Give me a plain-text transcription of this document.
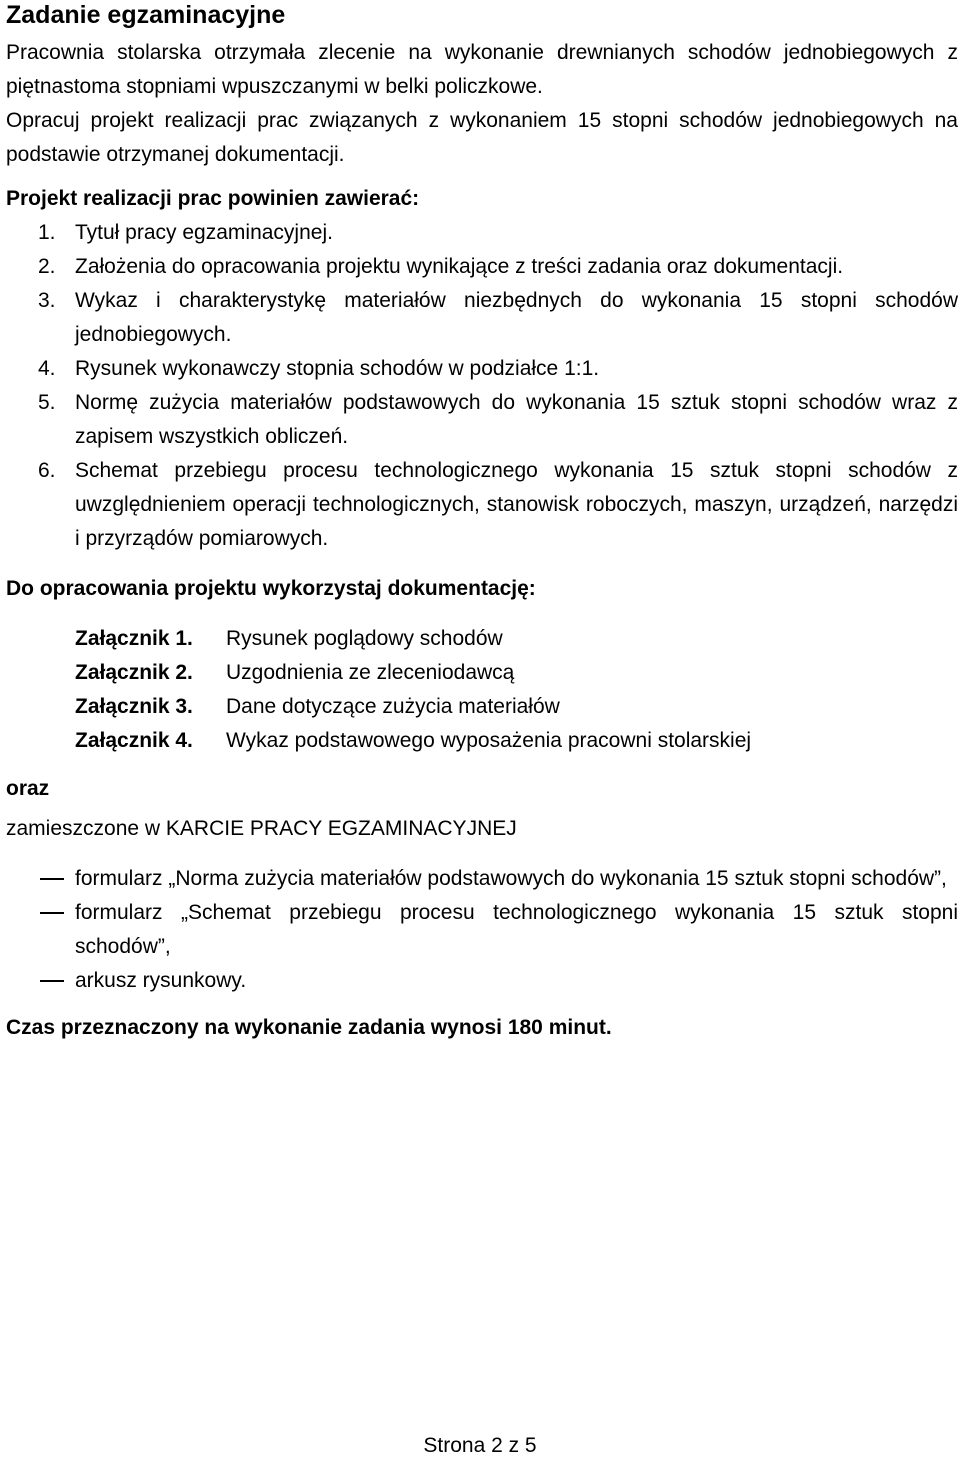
Zadanie egzaminacyjne

Pracownia stolarska otrzymała zlecenie na wykonanie drewnianych schodów jednobiegowych z piętnastoma stopniami wpuszczanymi w belki policzkowe.

Opracuj projekt realizacji prac związanych z wykonaniem 15 stopni schodów jednobiegowych na podstawie otrzymanej dokumentacji.

Projekt realizacji prac powinien zawierać:

1. Tytuł pracy egzaminacyjnej.
2. Założenia do opracowania projektu wynikające z treści zadania oraz dokumentacji.
3. Wykaz i charakterystykę materiałów niezbędnych do wykonania 15 stopni schodów jednobiegowych.
4. Rysunek wykonawczy stopnia schodów w podziałce 1:1.
5. Normę zużycia materiałów podstawowych do wykonania 15 sztuk stopni schodów wraz z zapisem wszystkich obliczeń.
6. Schemat przebiegu procesu technologicznego wykonania 15 sztuk stopni schodów z uwzględnieniem operacji technologicznych, stanowisk roboczych, maszyn, urządzeń, narzędzi i przyrządów pomiarowych.

Do opracowania projektu wykorzystaj dokumentację:

Załącznik 1.	Rysunek poglądowy schodów
Załącznik 2.	Uzgodnienia ze zleceniodawcą
Załącznik 3.	Dane dotyczące zużycia materiałów
Załącznik 4.	Wykaz podstawowego wyposażenia pracowni stolarskiej
oraz
zamieszczone w KARCIE PRACY EGZAMINACYJNEJ
formularz „Norma zużycia materiałów podstawowych do wykonania 15 sztuk stopni schodów”,
formularz „Schemat przebiegu procesu technologicznego wykonania 15 sztuk stopni schodów”,
arkusz rysunkowy.

Czas przeznaczony na wykonanie zadania wynosi 180 minut.

Strona 2 z 5
